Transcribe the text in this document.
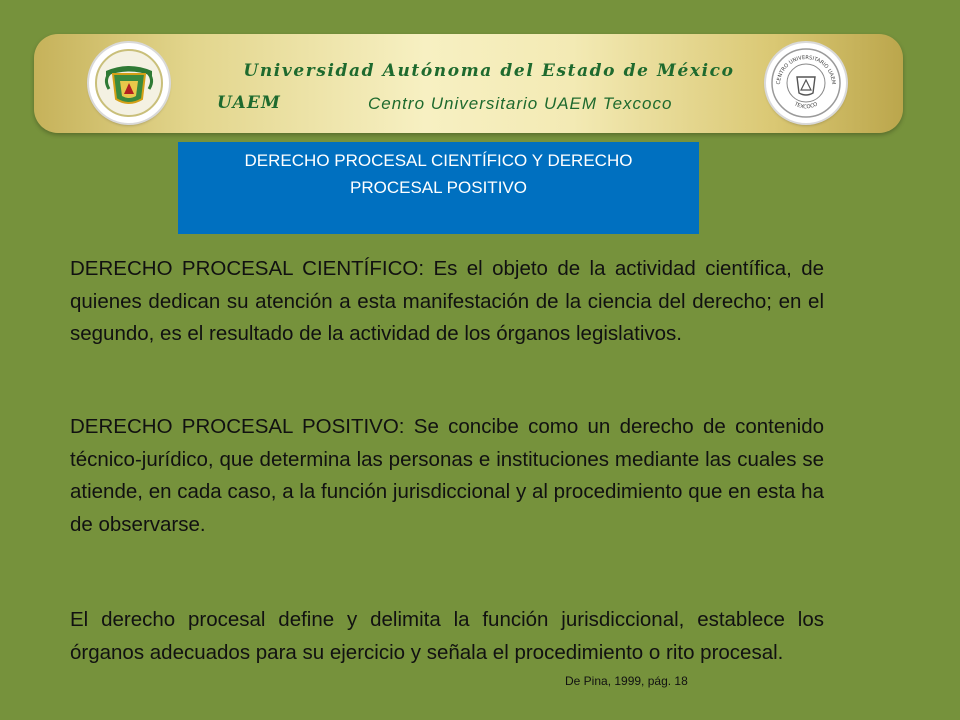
Universidad Autónoma del Estado de México
UAEM	Centro Universitario UAEM Texcoco
CENTRO UNIVERSITARIO UAEM
TEXCOCO
DERECHO PROCESAL CIENTÍFICO Y DERECHO
PROCESAL POSITIVO

DERECHO PROCESAL CIENTÍFICO: Es el objeto de la actividad científica, de quienes dedican su atención a esta manifestación de la ciencia del derecho; en el segundo, es el resultado de la actividad de los órganos legislativos.

DERECHO PROCESAL POSITIVO: Se concibe como un derecho de contenido técnico-jurídico, que determina las personas e instituciones mediante las cuales se atiende, en cada caso, a la función jurisdiccional y al procedimiento que en esta ha de observarse.

El derecho procesal define y delimita la función jurisdiccional, establece los órganos adecuados para su ejercicio y señala el procedimiento o rito procesal.

De Pina, 1999, pág. 18
